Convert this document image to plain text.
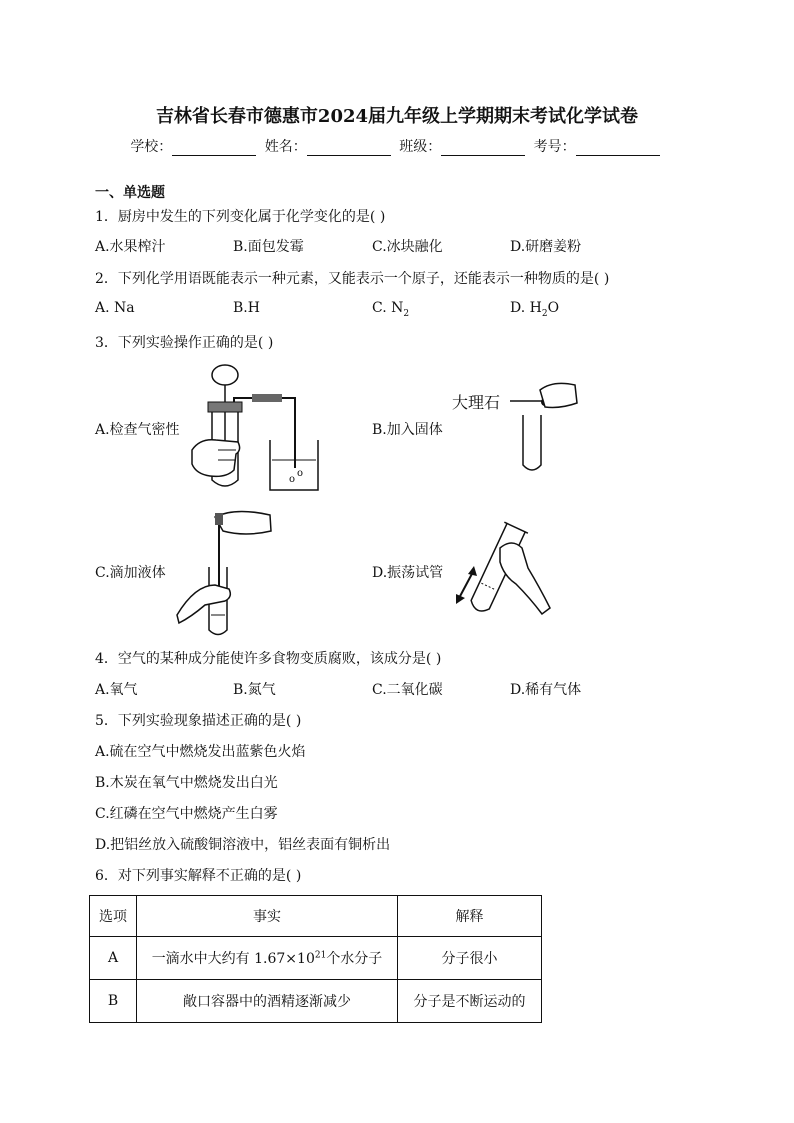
吉林省长春市德惠市2024届九年级上学期期末考试化学试卷
学校：	姓名：	班级：	考号：
一、单选题
1．厨房中发生的下列变化属于化学变化的是( )
A.水果榨汁	B.面包发霉	C.冰块融化	D.研磨姜粉
2．下列化学用语既能表示一种元素，又能表示一个原子，还能表示一种物质的是( )
A. Na	B.H	C. $N_2$	D. $H_2O$
3．下列实验操作正确的是( )
A.检查气密性
o
o
B.加入固体
大理石
C.滴加液体	D.振荡试管
4．空气的某种成分能使许多食物变质腐败，该成分是( )
A.氧气	B.氮气	C.二氧化碳	D.稀有气体
5．下列实验现象描述正确的是( )
A.硫在空气中燃烧发出蓝紫色火焰
B.木炭在氧气中燃烧发出白光
C.红磷在空气中燃烧产生白雾
D.把铝丝放入硫酸铜溶液中，铝丝表面有铜析出
6．对下列事实解释不正确的是( )
选项	事实	解释
A	一滴水中大约有 $1.67\times 10^{21}$个水分子	分子很小
B	敞口容器中的酒精逐渐减少	分子是不断运动的
